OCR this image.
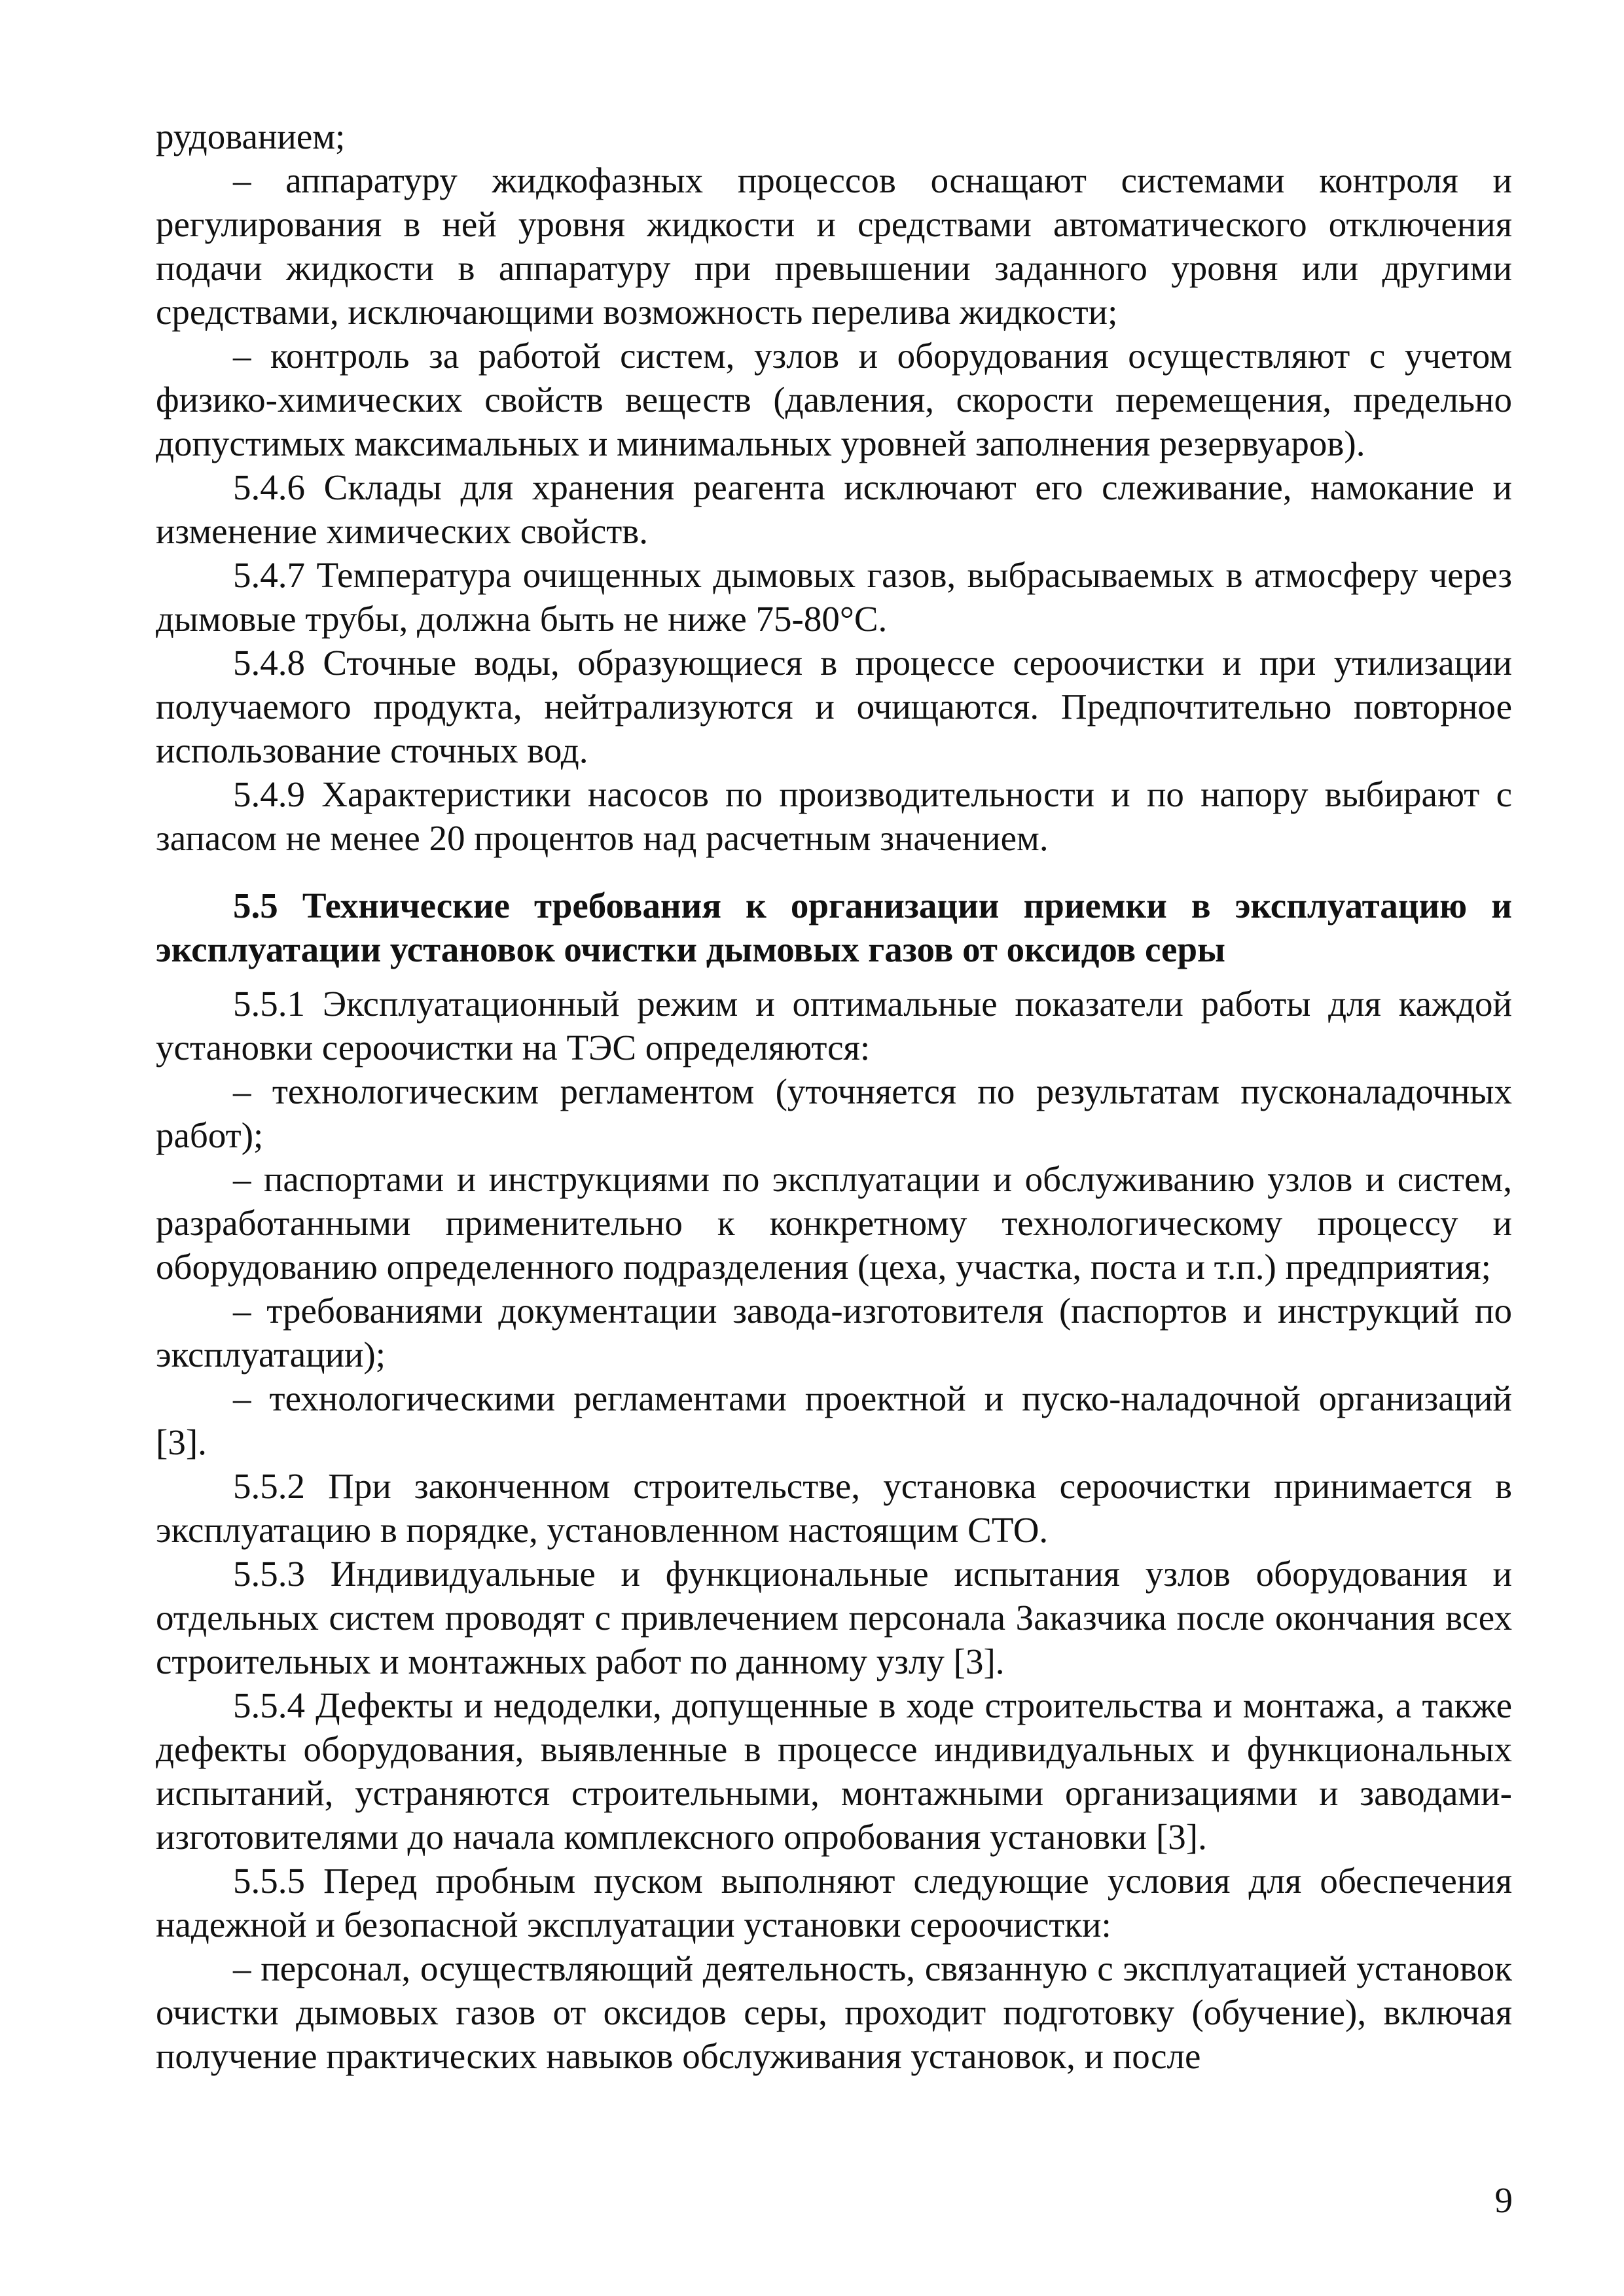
рудованием;

– аппаратуру жидкофазных процессов оснащают системами контроля и регулирования в ней уровня жидкости и средствами автоматического отключения подачи жидкости в аппаратуру при превышении заданного уровня или другими средствами, исключающими возможность перелива жидкости;

– контроль за работой систем, узлов и оборудования осуществляют с учетом физико-химических свойств веществ (давления, скорости перемещения, предельно допустимых максимальных и минимальных уровней заполнения резервуаров).

5.4.6 Склады для хранения реагента исключают его слеживание, намокание и изменение химических свойств.

5.4.7 Температура очищенных дымовых газов, выбрасываемых в атмосферу через дымовые трубы, должна быть не ниже 75-80°С.

5.4.8 Сточные воды, образующиеся в процессе сероочистки и при утилизации получаемого продукта, нейтрализуются и очищаются. Предпочтительно повторное использование сточных вод.

5.4.9 Характеристики насосов по производительности и по напору выбирают с запасом не менее 20 процентов над расчетным значением.

5.5 Технические требования к организации приемки в эксплуатацию и эксплуатации установок очистки дымовых газов от оксидов серы

5.5.1 Эксплуатационный режим и оптимальные показатели работы для каждой установки сероочистки на ТЭС определяются:

– технологическим регламентом (уточняется по результатам пусконаладочных работ);

– паспортами и инструкциями по эксплуатации и обслуживанию узлов и систем, разработанными применительно к конкретному технологическому процессу и оборудованию определенного подразделения (цеха, участка, поста и т.п.) предприятия;

– требованиями документации завода-изготовителя (паспортов и инструкций по эксплуатации);

– технологическими регламентами проектной и пуско-наладочной организаций [3].

5.5.2 При законченном строительстве, установка сероочистки принимается в эксплуатацию в порядке, установленном настоящим СТО.

5.5.3 Индивидуальные и функциональные испытания узлов оборудования и отдельных систем проводят с привлечением персонала Заказчика после окончания всех строительных и монтажных работ по данному узлу [3].

5.5.4 Дефекты и недоделки, допущенные в ходе строительства и монтажа, а также дефекты оборудования, выявленные в процессе индивидуальных и функциональных испытаний, устраняются строительными, монтажными организациями и заводами-изготовителями до начала комплексного опробования установки [3].

5.5.5 Перед пробным пуском выполняют следующие условия для обеспечения надежной и безопасной эксплуатации установки сероочистки:

– персонал, осуществляющий деятельность, связанную с эксплуатацией установок очистки дымовых газов от оксидов серы, проходит подготовку (обучение), включая получение практических навыков обслуживания установок, и после

9
